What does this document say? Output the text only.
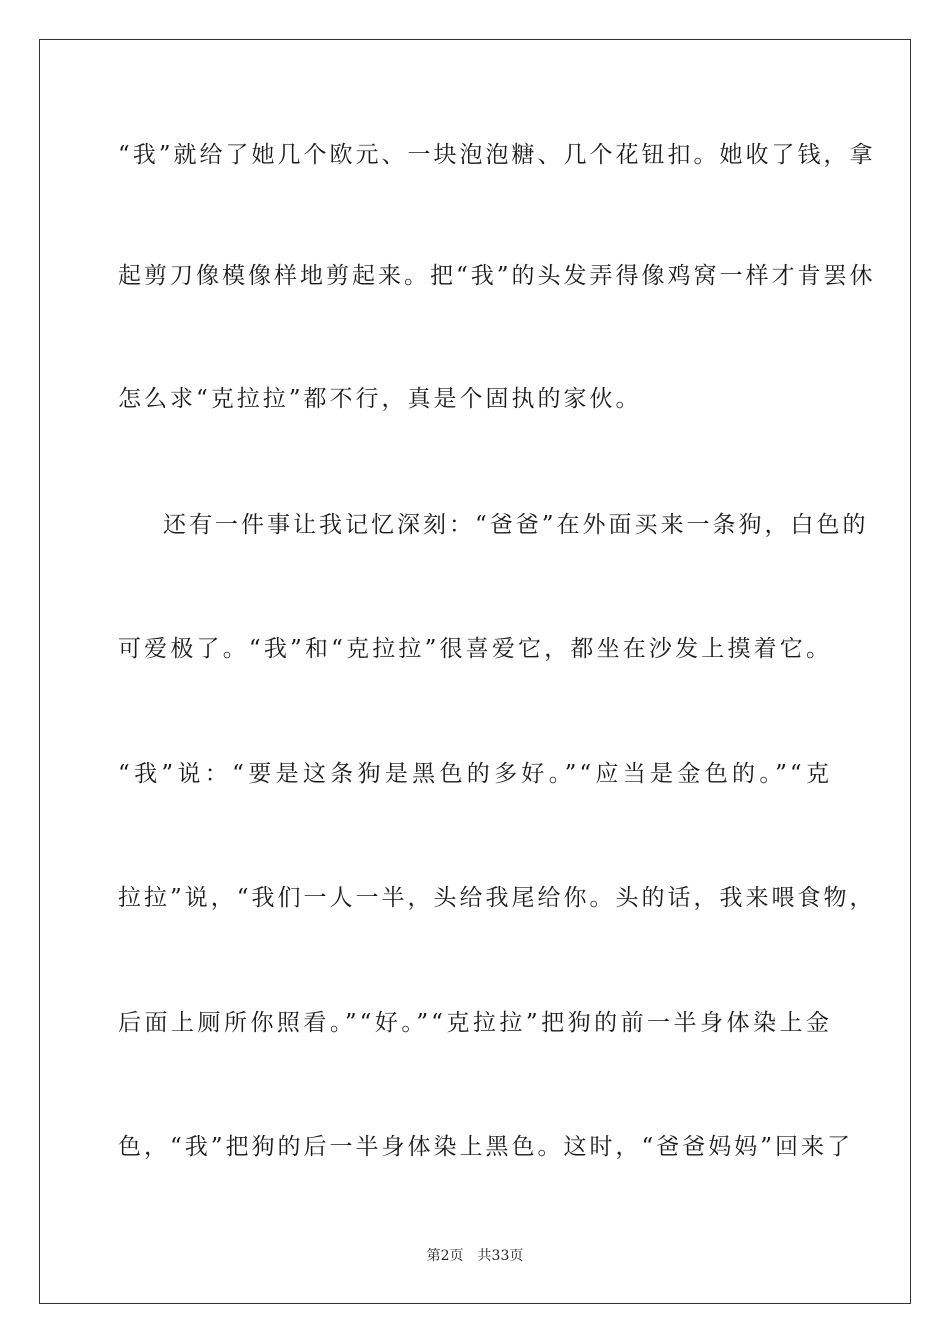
“我”就给了她几个欧元、一块泡泡糖、几个花钮扣。她收了钱，拿
起剪刀像模像样地剪起来。把“我”的头发弄得像鸡窝一样才肯罢休
怎么求“克拉拉”都不行，真是个固执的家伙。
还有一件事让我记忆深刻：“爸爸”在外面买来一条狗，白色的
可爱极了。“我”和“克拉拉”很喜爱它，都坐在沙发上摸着它。
“我”说：“要是这条狗是黑色的多好。”“应当是金色的。”“克
拉拉”说，“我们一人一半，头给我尾给你。头的话，我来喂食物，
后面上厕所你照看。”“好。”“克拉拉”把狗的前一半身体染上金
色，“我”把狗的后一半身体染上黑色。这时，“爸爸妈妈”回来了
第2页 共33页
